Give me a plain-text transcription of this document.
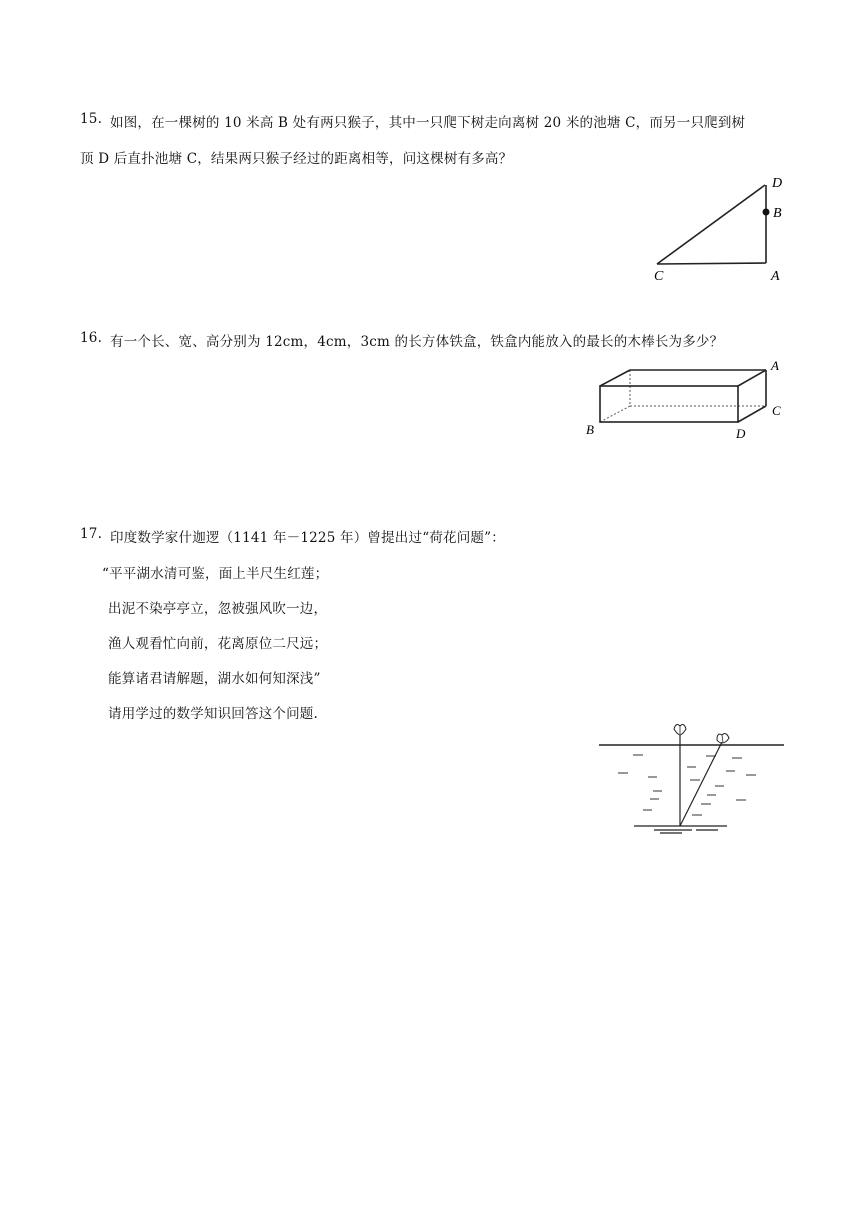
15. 如图，在一棵树的 10 米高 B 处有两只猴子，其中一只爬下树走向离树 20 米的池塘 C，而另一只爬到树
顶 D 后直扑池塘 C，结果两只猴子经过的距离相等，问这棵树有多高？
D
B
C	A
16. 有一个长、宽、高分别为 12cm，4cm，3cm 的长方体铁盒，铁盒内能放入的最长的木棒长为多少？
A
C
B	D
17. 印度数学家什迦逻（1141 年－1225 年）曾提出过“荷花问题”：
“平平湖水清可鉴，面上半尺生红莲；
出泥不染亭亭立，忽被强风吹一边，
渔人观看忙向前，花离原位二尺远；
能算诸君请解题，湖水如何知深浅”
请用学过的数学知识回答这个问题.
